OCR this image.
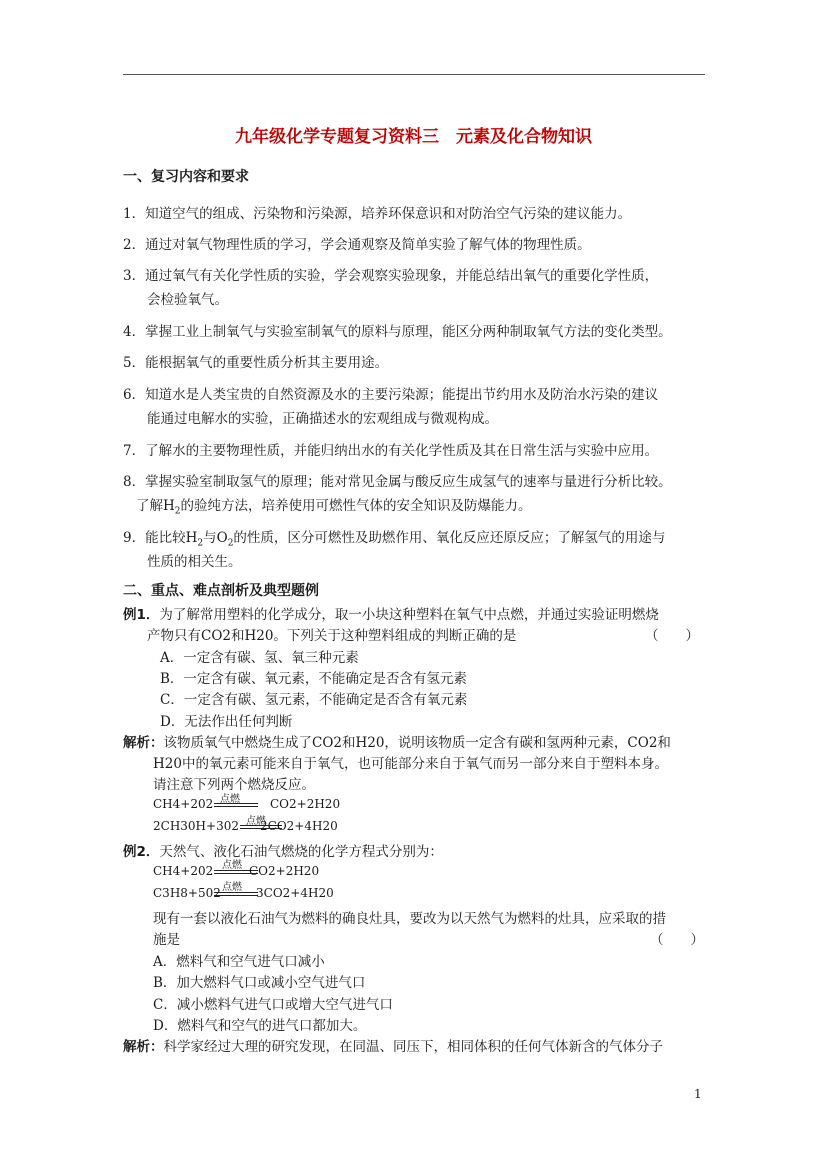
九年级化学专题复习资料三　元素及化合物知识
一、复习内容和要求
1．知道空气的组成、污染物和污染源，培养环保意识和对防治空气污染的建议能力。
2．通过对氧气物理性质的学习，学会通观察及简单实验了解气体的物理性质。
3．通过氧气有关化学性质的实验，学会观察实验现象，并能总结出氧气的重要化学性质，
会检验氧气。
4．掌握工业上制氧气与实验室制氧气的原料与原理，能区分两种制取氧气方法的变化类型。
5．能根据氧气的重要性质分析其主要用途。
6．知道水是人类宝贵的自然资源及水的主要污染源；能提出节约用水及防治水污染的建议
能通过电解水的实验，正确描述水的宏观组成与微观构成。
7．了解水的主要物理性质，并能归纳出水的有关化学性质及其在日常生活与实验中应用。
8．掌握实验室制取氢气的原理；能对常见金属与酸反应生成氢气的速率与量进行分析比较。
了解$H_2$的验纯方法，培养使用可燃性气体的安全知识及防爆能力。
9．能比较$H_2$与$O_2$的性质，区分可燃性及助燃作用、氧化反应还原反应；了解氢气的用途与
性质的相关生。
二、重点、难点剖析及典型题例
例1．为了解常用塑料的化学成分，取一小块这种塑料在氧气中点燃，并通过实验证明燃烧
产物只有CO2和H20。下列关于这种塑料组成的判断正确的是	（　　）
A．一定含有碳、氢、氧三种元素
B．一定含有碳、氧元素，不能确定是否含有氢元素
C．一定含有碳、氢元素，不能确定是否含有氧元素
D．无法作出任何判断
解析：该物质氧气中燃烧生成了CO2和H20，说明该物质一定含有碳和氢两种元素，CO2和
H20中的氧元素可能来自于氧气，也可能部分来自于氧气而另一部分来自于塑料本身。
请注意下列两个燃烧反应。
CH4+202 点燃	CO2+2H20
2CH30H+302 点燃
2CO2+4H20
例2．天然气、液化石油气燃烧的化学方程式分别为：
CH4+202 点燃 CO2+2H20
C3H8+502 点燃 3CO2+4H20
现有一套以液化石油气为燃料的确良灶具，要改为以天然气为燃料的灶具，应采取的措
施是	（　　）
A．燃料气和空气进气口减小
B．加大燃料气口或减小空气进气口
C．减小燃料气进气口或增大空气进气口
D．燃料气和空气的进气口都加大。
解析：科学家经过大理的研究发现，在同温、同压下，相同体积的任何气体新含的气体分子
1
